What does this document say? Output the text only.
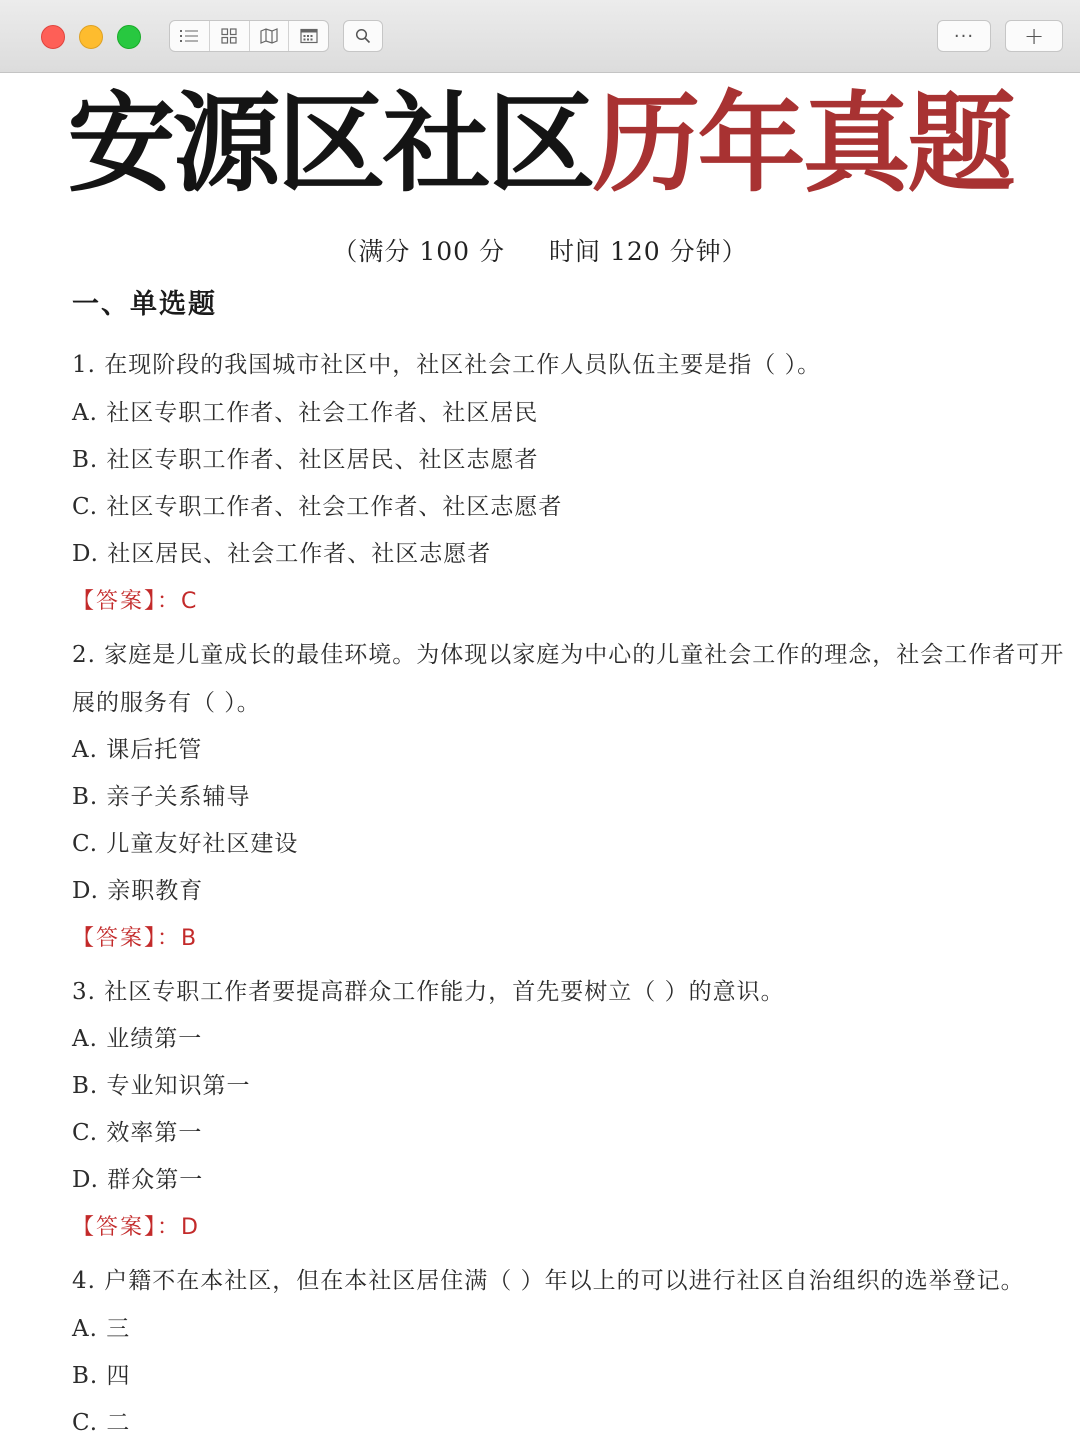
···	+
安源区社区历年真题
（满分 100 分 时间 120 分钟）
一、单选题
1. 在现阶段的我国城市社区中，社区社会工作人员队伍主要是指（ ）。
A. 社区专职工作者、社会工作者、社区居民
B. 社区专职工作者、社区居民、社区志愿者
C. 社区专职工作者、社会工作者、社区志愿者
D. 社区居民、社会工作者、社区志愿者
【答案】：C
2. 家庭是儿童成长的最佳环境。为体现以家庭为中心的儿童社会工作的理念，社会工作者可开
展的服务有（ ）。
A. 课后托管
B. 亲子关系辅导
C. 儿童友好社区建设
D. 亲职教育
【答案】：B
3. 社区专职工作者要提高群众工作能力，首先要树立（ ）的意识。
A. 业绩第一
B. 专业知识第一
C. 效率第一
D. 群众第一
【答案】：D
4. 户籍不在本社区，但在本社区居住满（ ）年以上的可以进行社区自治组织的选举登记。
A. 三
B. 四
C. 二
